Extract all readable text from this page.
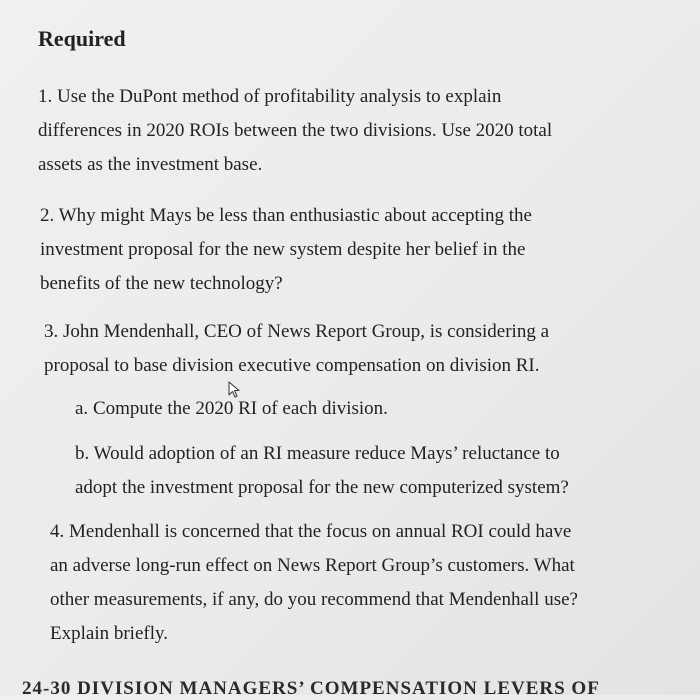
Required
1. Use the DuPont method of profitability analysis to explain
differences in 2020 ROIs between the two divisions. Use 2020 total
assets as the investment base.
2. Why might Mays be less than enthusiastic about accepting the
investment proposal for the new system despite her belief in the
benefits of the new technology?
3. John Mendenhall, CEO of News Report Group, is considering a
proposal to base division executive compensation on division RI.
a. Compute the 2020 RI of each division.
b. Would adoption of an RI measure reduce Mays’ reluctance to
adopt the investment proposal for the new computerized system?
4. Mendenhall is concerned that the focus on annual ROI could have
an adverse long-run effect on News Report Group’s customers. What
other measurements, if any, do you recommend that Mendenhall use?
Explain briefly.
24-30 DIVISION MANAGERS’ COMPENSATION LEVERS OF
